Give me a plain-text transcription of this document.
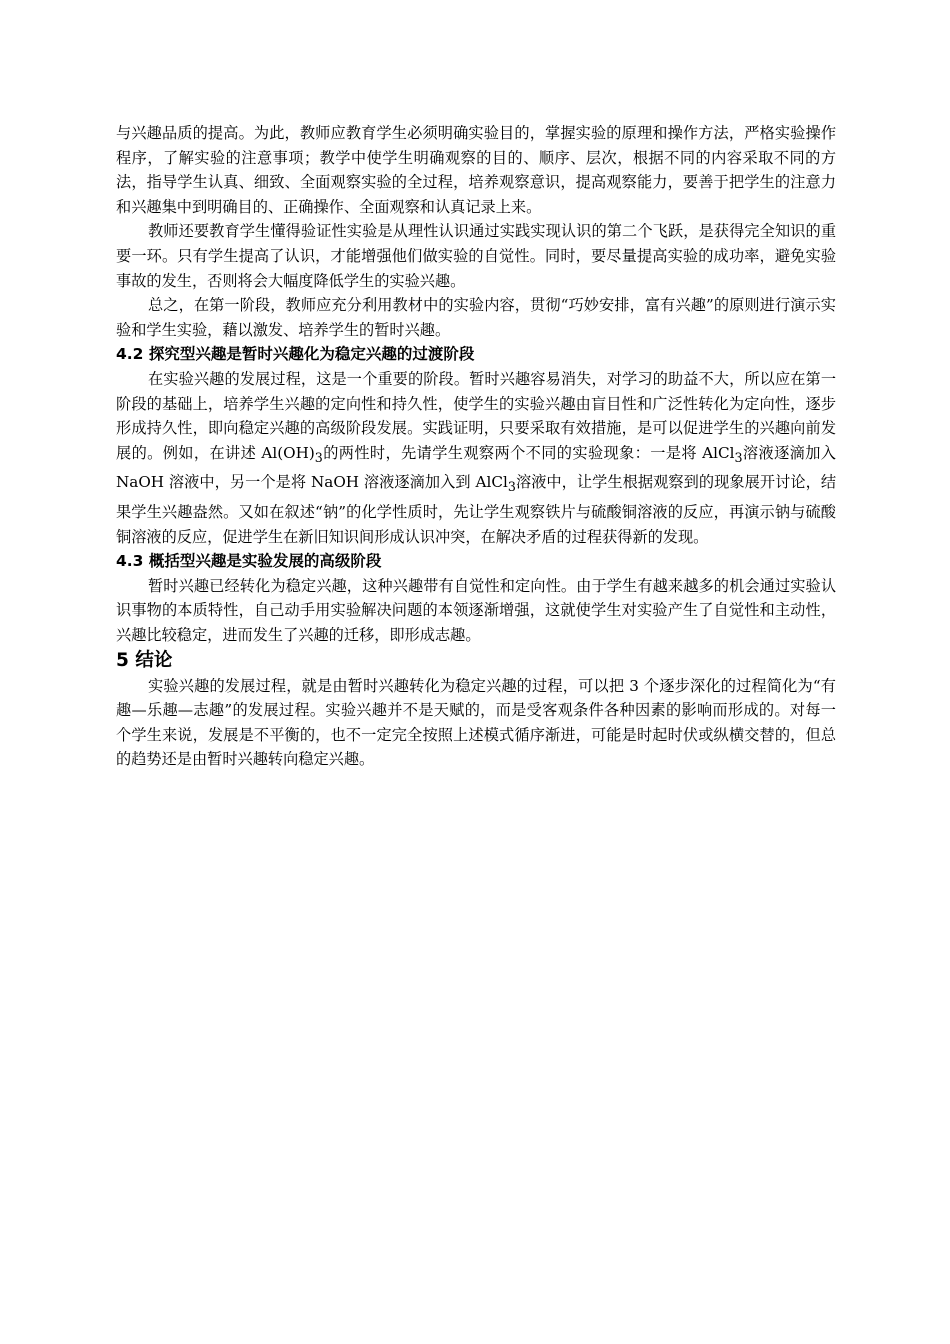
与兴趣品质的提高。为此，教师应教育学生必须明确实验目的，掌握实验的原理和操作方法，严格实验操作程序，了解实验的注意事项；教学中使学生明确观察的目的、顺序、层次，根据不同的内容采取不同的方法，指导学生认真、细致、全面观察实验的全过程，培养观察意识，提高观察能力，要善于把学生的注意力和兴趣集中到明确目的、正确操作、全面观察和认真记录上来。

教师还要教育学生懂得验证性实验是从理性认识通过实践实现认识的第二个飞跃，是获得完全知识的重要一环。只有学生提高了认识，才能增强他们做实验的自觉性。同时，要尽量提高实验的成功率，避免实验事故的发生，否则将会大幅度降低学生的实验兴趣。

总之，在第一阶段，教师应充分利用教材中的实验内容，贯彻“巧妙安排，富有兴趣”的原则进行演示实验和学生实验，藉以激发、培养学生的暂时兴趣。

4.2 探究型兴趣是暂时兴趣化为稳定兴趣的过渡阶段

在实验兴趣的发展过程，这是一个重要的阶段。暂时兴趣容易消失，对学习的助益不大，所以应在第一阶段的基础上，培养学生兴趣的定向性和持久性，使学生的实验兴趣由盲目性和广泛性转化为定向性，逐步形成持久性，即向稳定兴趣的高级阶段发展。实践证明，只要采取有效措施，是可以促进学生的兴趣向前发展的。例如，在讲述 $Al(OH)_3$的两性时，先请学生观察两个不同的实验现象：一是将 AlCl$_3$溶液逐滴加入 NaOH 溶液中，另一个是将 NaOH 溶液逐滴加入到 AlCl$_3$溶液中，让学生根据观察到的现象展开讨论，结果学生兴趣盎然。又如在叙述“钠”的化学性质时，先让学生观察铁片与硫酸铜溶液的反应，再演示钠与硫酸铜溶液的反应，促进学生在新旧知识间形成认识冲突，在解决矛盾的过程获得新的发现。

4.3 概括型兴趣是实验发展的高级阶段

暂时兴趣已经转化为稳定兴趣，这种兴趣带有自觉性和定向性。由于学生有越来越多的机会通过实验认识事物的本质特性，自己动手用实验解决问题的本领逐渐增强，这就使学生对实验产生了自觉性和主动性，兴趣比较稳定，进而发生了兴趣的迁移，即形成志趣。

5 结论

实验兴趣的发展过程，就是由暂时兴趣转化为稳定兴趣的过程，可以把 3 个逐步深化的过程简化为“有趣—乐趣—志趣”的发展过程。实验兴趣并不是天赋的，而是受客观条件各种因素的影响而形成的。对每一个学生来说，发展是不平衡的，也不一定完全按照上述模式循序渐进，可能是时起时伏或纵横交替的，但总的趋势还是由暂时兴趣转向稳定兴趣。
